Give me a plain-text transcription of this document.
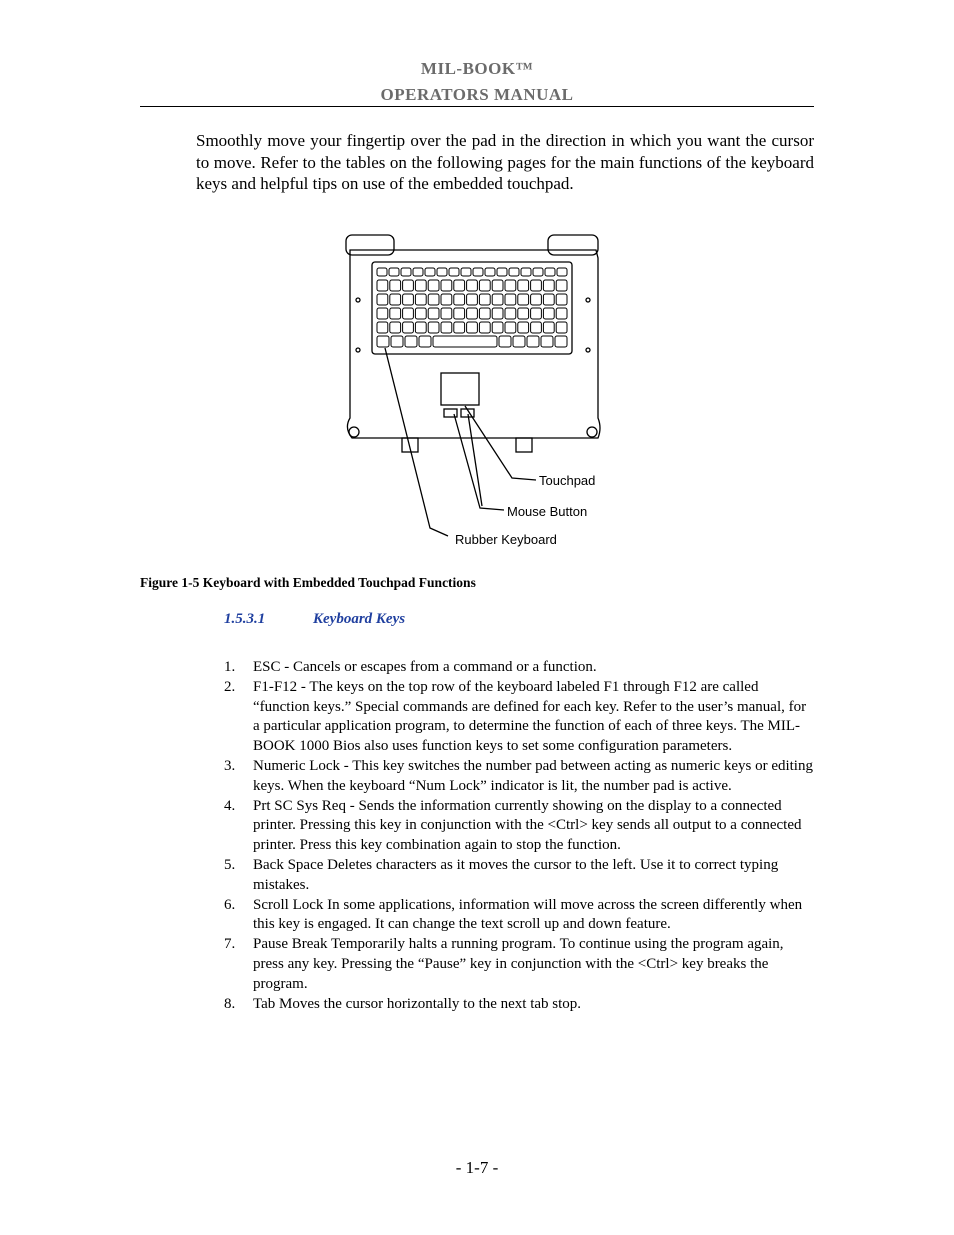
MIL-BOOK™
OPERATORS MANUAL

Smoothly move your fingertip over the pad in the direction in which you want the cursor to move. Refer to the tables on the following pages for the main functions of the keyboard keys and helpful tips on use of the embedded touchpad.

Touchpad
Mouse Button
Rubber Keyboard

Figure 1-5 Keyboard with Embedded Touchpad Functions

1.5.3.1	Keyboard Keys
1. ESC - Cancels or escapes from a command or a function.
2. F1-F12 - The keys on the top row of the keyboard labeled F1 through F12 are called “function keys.” Special commands are defined for each key. Refer to the user’s manual, for a particular application program, to determine the function of each of three keys. The MIL-BOOK 1000 Bios also uses function keys to set some configuration parameters.
3. Numeric Lock - This key switches the number pad between acting as numeric keys or editing keys. When the keyboard “Num Lock” indicator is lit, the number pad is active.
4. Prt SC Sys Req - Sends the information currently showing on the display to a connected printer. Pressing this key in conjunction with the <Ctrl> key sends all output to a connected printer. Press this key combination again to stop the function.
5. Back Space Deletes characters as it moves the cursor to the left. Use it to correct typing mistakes.
6. Scroll Lock In some applications, information will move across the screen differently when this key is engaged. It can change the text scroll up and down feature.
7. Pause Break Temporarily halts a running program. To continue using the program again, press any key. Pressing the “Pause” key in conjunction with the <Ctrl> key breaks the program.
8. Tab Moves the cursor horizontally to the next tab stop.
- 1-7 -
